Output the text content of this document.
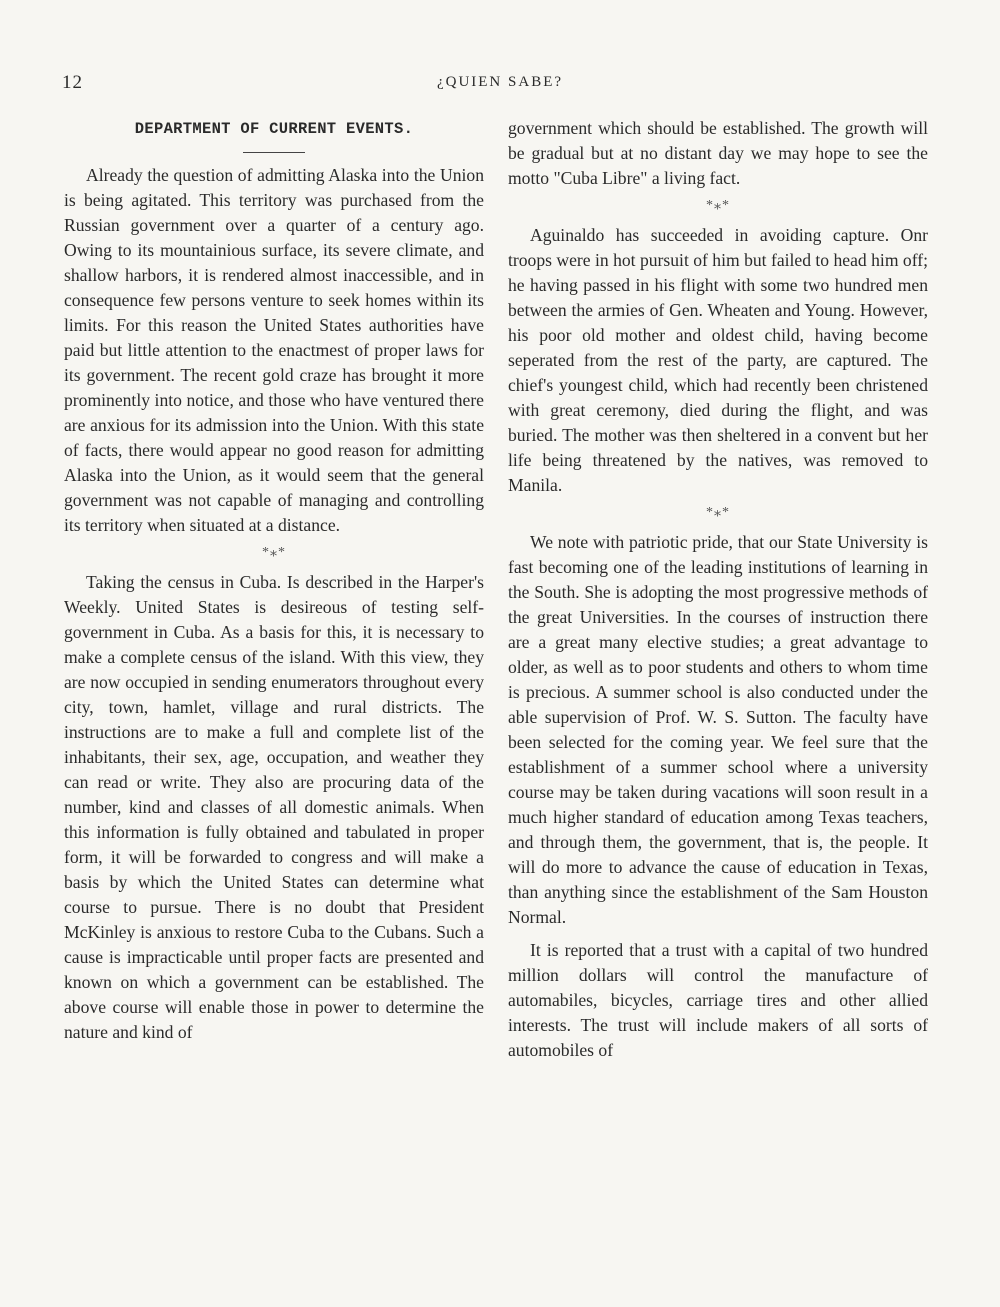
12	¿QUIEN SABE?
DEPARTMENT OF CURRENT EVENTS.

Already the question of admitting Alaska into the Union is being agitated. This territory was purchased from the Russian government over a quarter of a century ago. Owing to its mountainious surface, its severe climate, and shallow harbors, it is rendered almost inaccessible, and in consequence few persons venture to seek homes within its limits. For this reason the United States authorities have paid but little attention to the enactmest of proper laws for its government. The recent gold craze has brought it more prominently into notice, and those who have ventured there are anxious for its admission into the Union. With this state of facts, there would appear no good reason for admitting Alaska into the Union, as it would seem that the general government was not capable of managing and controlling its territory when situated at a distance.

*⁎*

Taking the census in Cuba. Is described in the Harper's Weekly. United States is desireous of testing self-government in Cuba. As a basis for this, it is necessary to make a complete census of the island. With this view, they are now occupied in sending enumerators throughout every city, town, hamlet, village and rural districts. The instructions are to make a full and complete list of the inhabitants, their sex, age, occupation, and weather they can read or write. They also are procuring data of the number, kind and classes of all domestic animals. When this information is fully obtained and tabulated in proper form, it will be forwarded to congress and will make a basis by which the United States can determine what course to pursue. There is no doubt that President McKinley is anxious to restore Cuba to the Cubans. Such a cause is impracticable until proper facts are presented and known on which a government can be established. The above course will enable those in power to determine the nature and kind of

government which should be established. The growth will be gradual but at no distant day we may hope to see the motto "Cuba Libre" a living fact.

*⁎*

Aguinaldo has succeeded in avoiding capture. Onr troops were in hot pursuit of him but failed to head him off; he having passed in his flight with some two hundred men between the armies of Gen. Wheaten and Young. However, his poor old mother and oldest child, having become seperated from the rest of the party, are captured. The chief's youngest child, which had recently been christened with great ceremony, died during the flight, and was buried. The mother was then sheltered in a convent but her life being threatened by the natives, was removed to Manila.

*⁎*

We note with patriotic pride, that our State University is fast becoming one of the leading institutions of learning in the South. She is adopting the most progressive methods of the great Universities. In the courses of instruction there are a great many elective studies; a great advantage to older, as well as to poor students and others to whom time is precious. A summer school is also conducted under the able supervision of Prof. W. S. Sutton. The faculty have been selected for the coming year. We feel sure that the establishment of a summer school where a university course may be taken during vacations will soon result in a much higher standard of education among Texas teachers, and through them, the government, that is, the people. It will do more to advance the cause of education in Texas, than anything since the establishment of the Sam Houston Normal.

It is reported that a trust with a capital of two hundred million dollars will control the manufacture of automabiles, bicycles, carriage tires and other allied interests. The trust will include makers of all sorts of automobiles of
